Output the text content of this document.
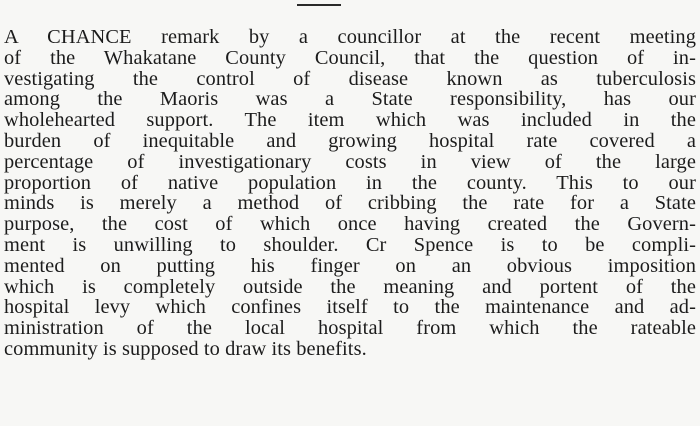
A CHANCE remark by a councillor at the recent meeting
of the Whakatane County Council, that the question of in-
vestigating the control of disease known as tuberculosis
among the Maoris was a State responsibility, has our
wholehearted support. The item which was included in the
burden of inequitable and growing hospital rate covered a
percentage of investigationary costs in view of the large
proportion of native population in the county. This to our
minds is merely a method of cribbing the rate for a State
purpose, the cost of which once having created the Govern-
ment is unwilling to shoulder. Cr Spence is to be compli-
mented on putting his finger on an obvious imposition
which is completely outside the meaning and portent of the
hospital levy which confines itself to the maintenance and ad-
ministration of the local hospital from which the rateable
community is supposed to draw its benefits.
